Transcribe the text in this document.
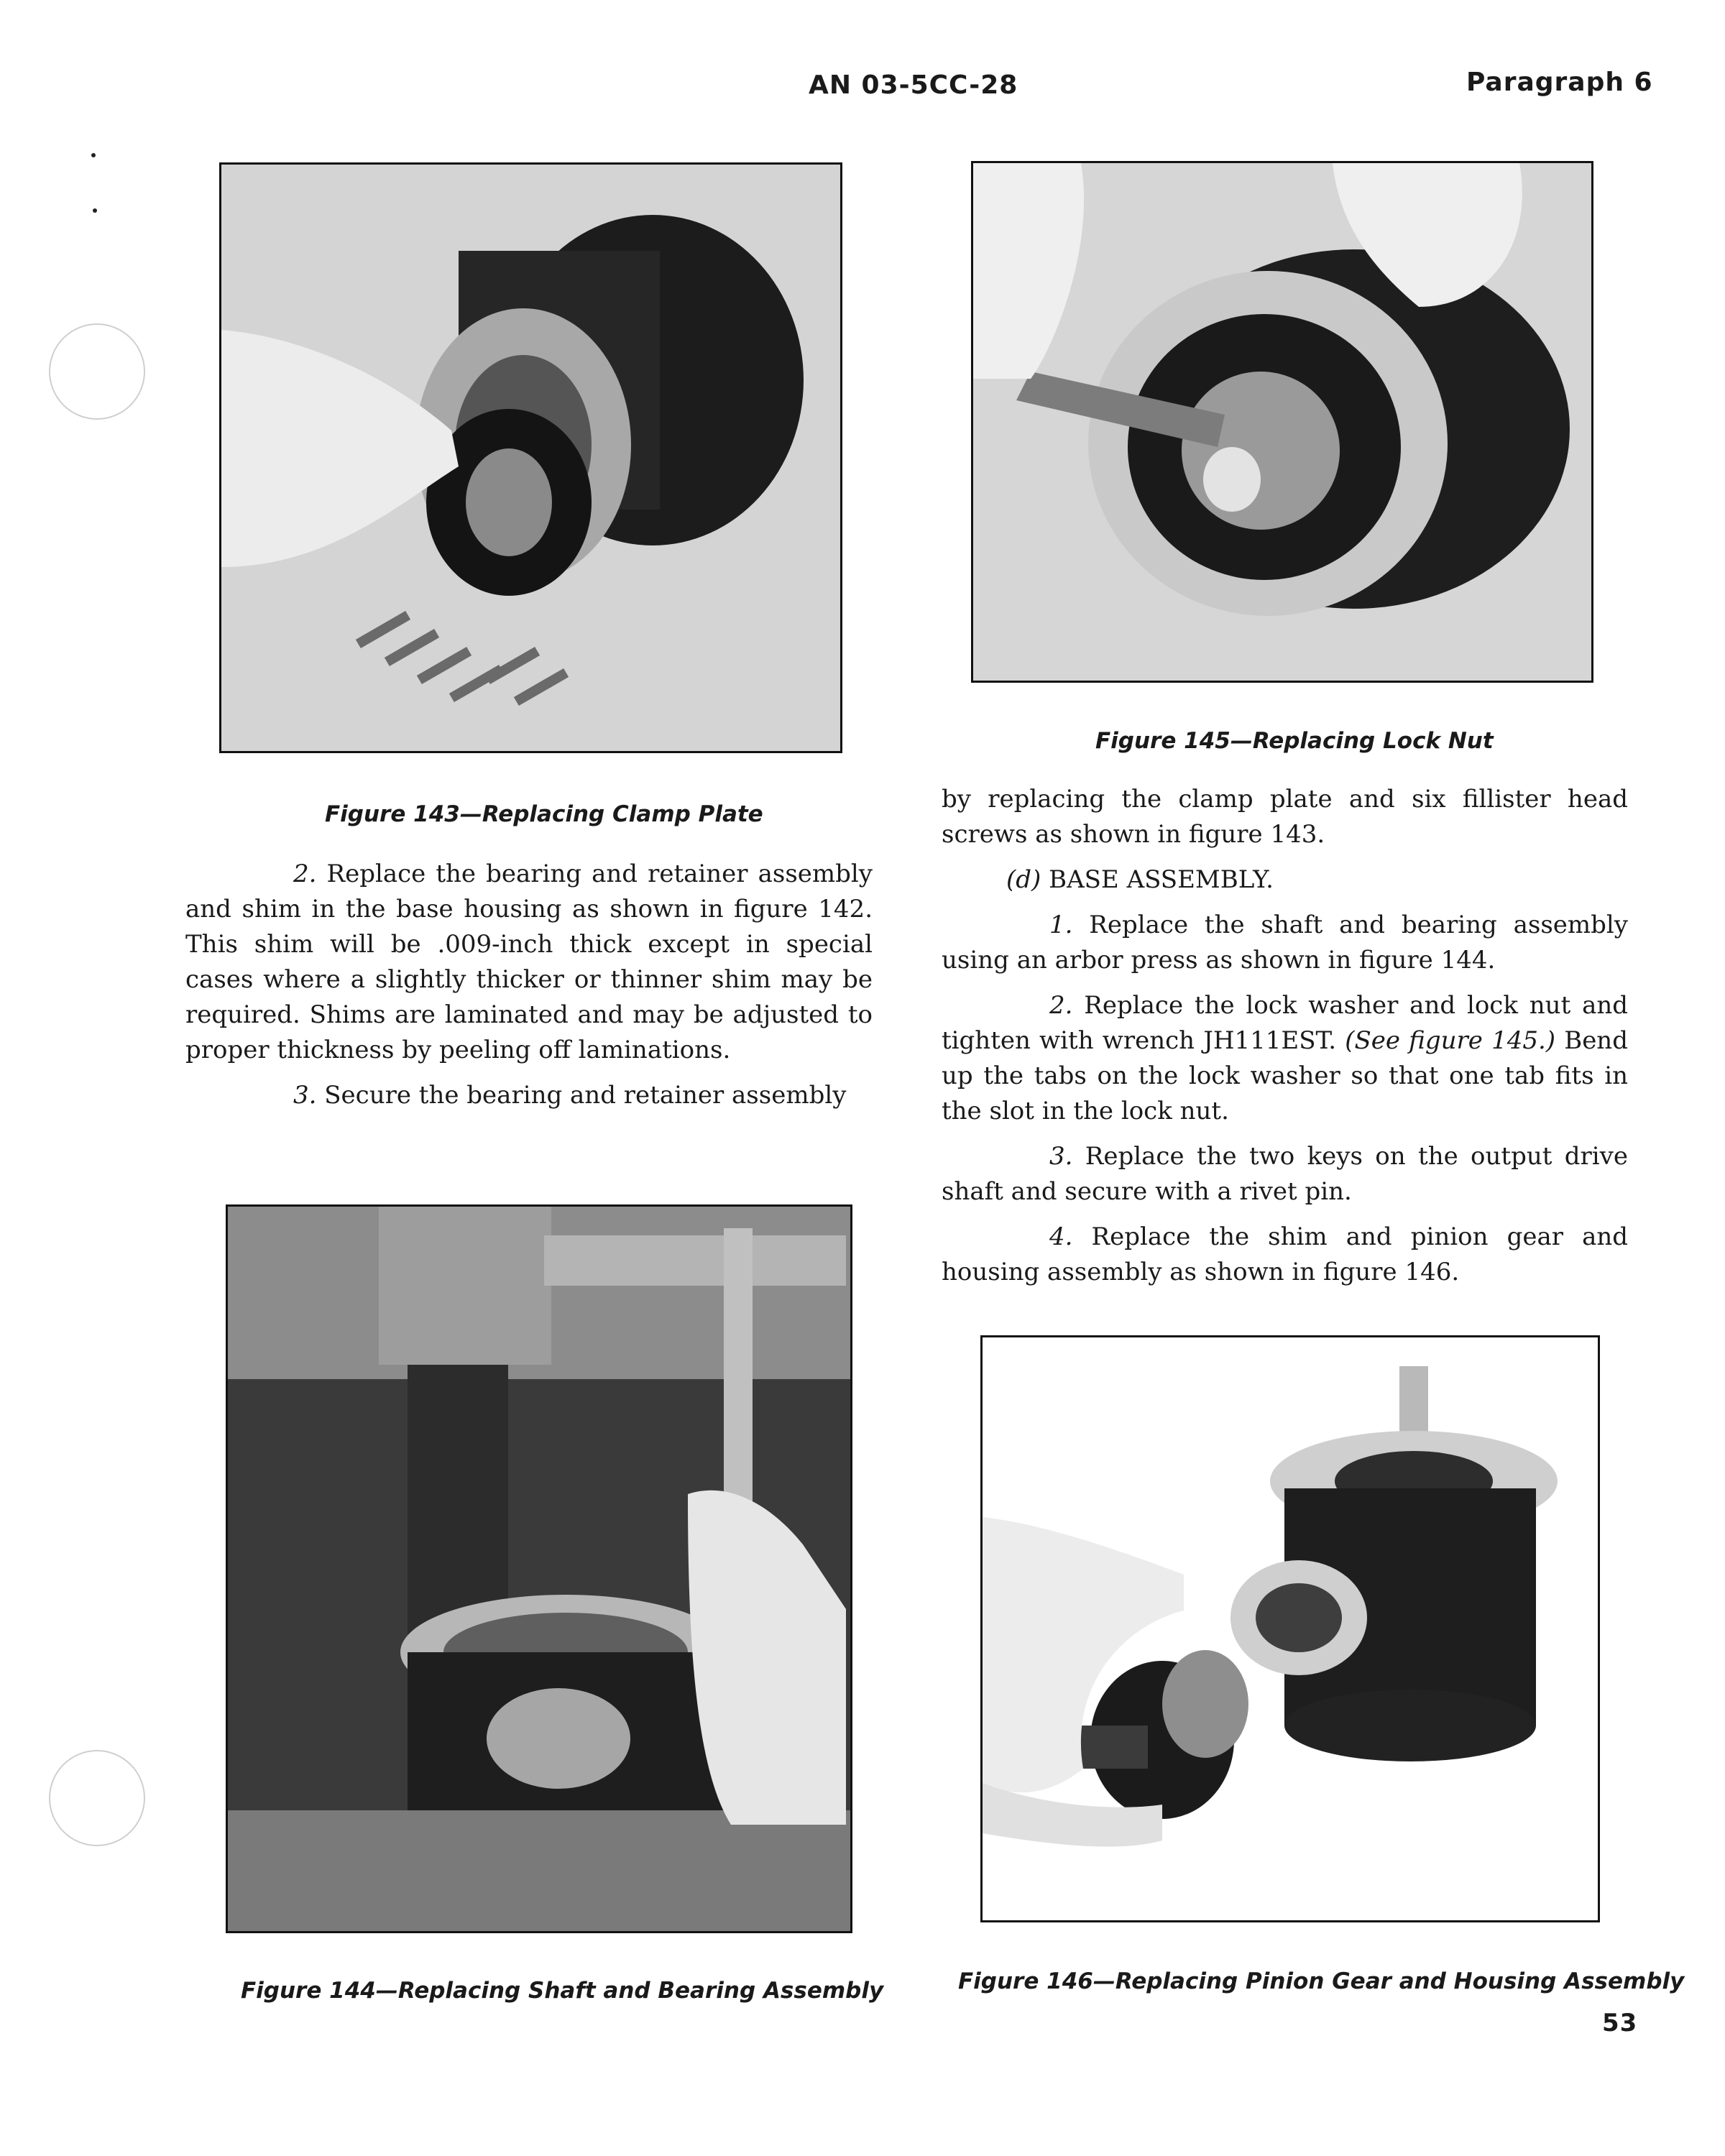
AN 03-5CC-28	Paragraph 6
Figure 143—Replacing Clamp Plate
Figure 145—Replacing Lock Nut

2. Replace the bearing and retainer assembly and shim in the base housing as shown in figure 142. This shim will be .009-inch thick except in special cases where a slightly thicker or thinner shim may be required. Shims are laminated and may be adjusted to proper thickness by peeling off laminations.

3. Secure the bearing and retainer assembly

by replacing the clamp plate and six fillister head screws as shown in figure 143.

(d) BASE ASSEMBLY.

1. Replace the shaft and bearing assembly using an arbor press as shown in figure 144.

2. Replace the lock washer and lock nut and tighten with wrench JH111EST. (See figure 145.) Bend up the tabs on the lock washer so that one tab fits in the slot in the lock nut.

3. Replace the two keys on the output drive shaft and secure with a rivet pin.

4. Replace the shim and pinion gear and housing assembly as shown in figure 146.

Figure 144—Replacing Shaft and Bearing Assembly	Figure 146—Replacing Pinion Gear and Housing Assembly
53
